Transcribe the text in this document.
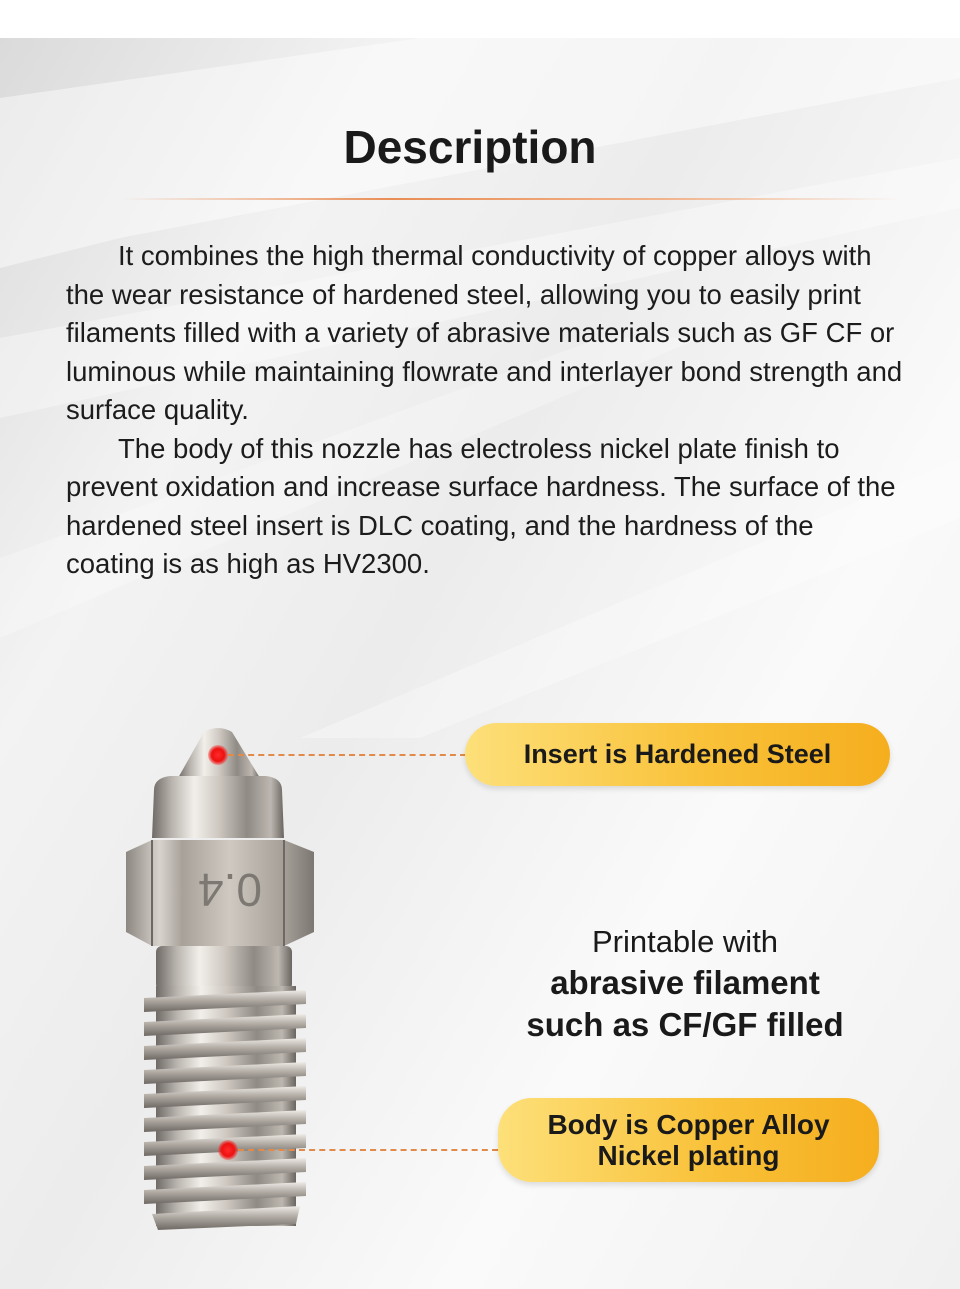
Description

It combines the high thermal conductivity of copper alloys with the wear resistance of hardened steel, allowing you to easily print filaments filled with a variety of abrasive materials such as GF CF or luminous while maintaining flowrate and interlayer bond strength and surface quality.

The body of this nozzle has electroless nickel plate finish to prevent oxidation and increase surface hardness. The surface of the hardened steel insert is DLC coating, and the hardness of the coating is as high as HV2300.

0.4
Insert is Hardened Steel
Printable with
abrasive filament
such as CF/GF filled
Body is Copper Alloy
Nickel plating
